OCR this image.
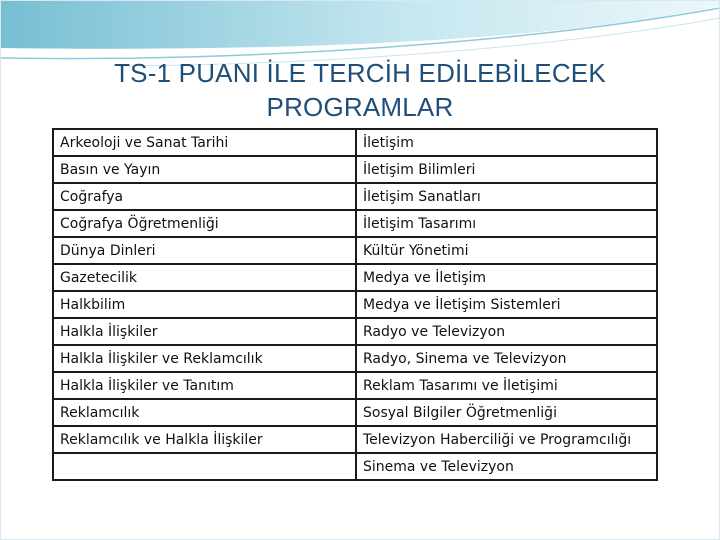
TS-1 PUANI İLE TERCİH EDİLEBİLECEK
PROGRAMLAR
Arkeoloji ve Sanat Tarihi	İletişim
Basın ve Yayın	İletişim Bilimleri
Coğrafya	İletişim Sanatları
Coğrafya Öğretmenliği	İletişim Tasarımı
Dünya Dinleri	Kültür Yönetimi
Gazetecilik	Medya ve İletişim
Halkbilim	Medya ve İletişim Sistemleri
Halkla İlişkiler	Radyo ve Televizyon
Halkla İlişkiler ve Reklamcılık	Radyo, Sinema ve Televizyon
Halkla İlişkiler ve Tanıtım	Reklam Tasarımı ve İletişimi
Reklamcılık	Sosyal Bilgiler Öğretmenliği
Reklamcılık ve Halkla İlişkiler	Televizyon Haberciliği ve Programcılığı
	Sinema ve Televizyon
